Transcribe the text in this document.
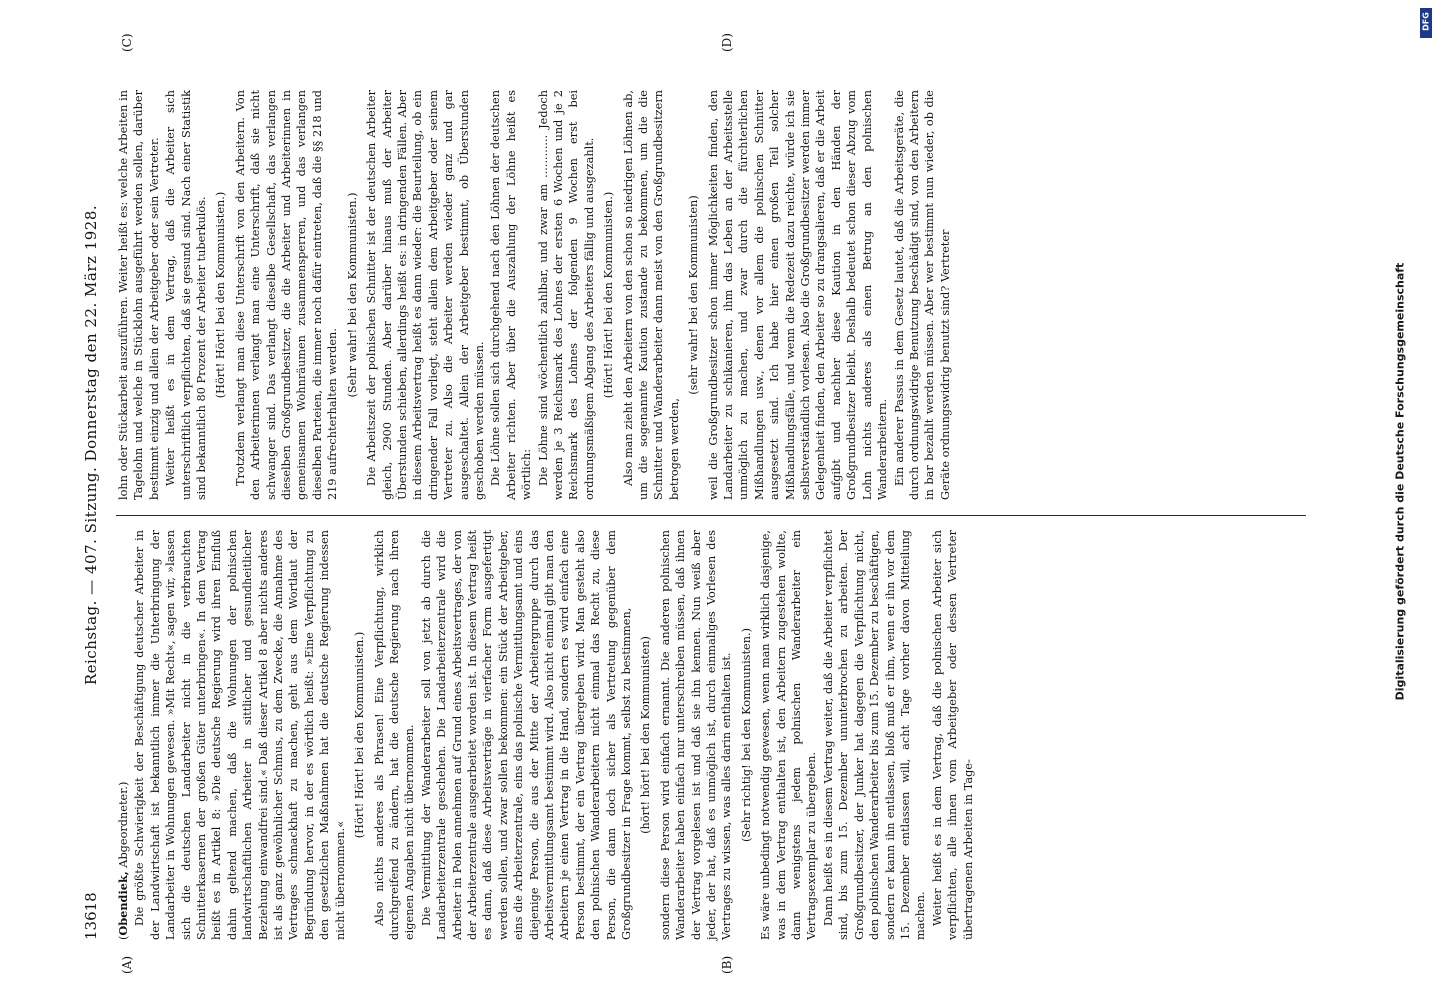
13618
Reichstag. — 407. Sitzung. Donnerstag den 22. März 1928.
(A)	(B)
(C)	(D)

(Obendiek, Abgeordneter.) Die größte Schwierigkeit der Beschäftigung deutscher Arbeiter in der Landwirtschaft ist bekanntlich immer die Unterbringung der Landarbeiter in Wohnungen gewesen. »Mit Recht«, sagen wir, »lassen sich die deutschen Landarbeiter nicht in die verbrauchten Schnitterkasernen der großen Güter unterbringen«. In dem Vertrag heißt es in Artikel 8: »Die deutsche Regierung wird ihren Einfluß dahin geltend machen, daß die Wohnungen der polnischen landwirtschaftlichen Arbeiter in sittlicher und gesundheitlicher Beziehung einwandfrei sind.« Daß dieser Artikel 8 aber nichts anderes ist als ganz gewöhnlicher Schmus, zu dem Zwecke, die Annahme des Vertrages schmackhaft zu machen, geht aus dem Wortlaut der Begründung hervor, in der es wörtlich heißt: »Eine Verpflichtung zu den gesetzlichen Maßnahmen hat die deutsche Regierung indessen nicht übernommen.«

(Hört! Hört! bei den Kommunisten.) Also nichts anderes als Phrasen! Eine Verpflichtung, wirklich durchgreifend zu ändern, hat die deutsche Regierung nach ihren eigenen Angaben nicht übernommen. Die Vermittlung der Wanderarbeiter soll von jetzt ab durch die Landarbeiterzentrale geschehen. Die Landarbeiterzentrale wird die Arbeiter in Polen annehmen auf Grund eines Arbeitsvertrages, der von der Arbeiterzentrale ausgearbeitet worden ist. In diesem Vertrag heißt es dann, daß diese Arbeitsverträge in vierfacher Form ausgefertigt werden sollen, und zwar sollen bekommen: ein Stück der Arbeitgeber, eins die Arbeiterzentrale, eins das polnische Vermittlungsamt und eins diejenige Person, die aus der Mitte der Arbeitergruppe durch das Arbeitsvermittlungsamt bestimmt wird. Also nicht einmal gibt man den Arbeitern je einen Vertrag in die Hand, sondern es wird einfach eine Person bestimmt, der ein Vertrag übergeben wird. Man gesteht also den polnischen Wanderarbeitern nicht einmal das Recht zu, diese Person, die dann doch sicher als Vertretung gegenüber dem Großgrundbesitzer in Frage kommt, selbst zu bestimmen, (hört! hört! bei den Kommunisten) sondern diese Person wird einfach ernannt. Die anderen polnischen Wanderarbeiter haben einfach nur unterschreiben müssen, daß ihnen der Vertrag vorgelesen ist und daß sie ihn kennen. Nun weiß aber jeder, der hat, daß es unmöglich ist, durch einmaliges Vorlesen des Vertrages zu wissen, was alles darin enthalten ist. (Sehr richtig! bei den Kommunisten.) Es wäre unbedingt notwendig gewesen, wenn man wirklich dasjenige, was in dem Vertrag enthalten ist, den Arbeitern zugestehen wollte, dann wenigstens jedem polnischen Wanderarbeiter ein Vertragsexemplar zu übergeben. Dann heißt es in diesem Vertrag weiter, daß die Arbeiter verpflichtet sind, bis zum 15. Dezember ununterbrochen zu arbeiten. Der Großgrundbesitzer, der Junker hat dagegen die Verpflichtung nicht, den polnischen Wanderarbeiter bis zum 15. Dezember zu beschäftigen, sondern er kann ihn entlassen, bloß muß er ihm, wenn er ihn vor dem 15. Dezember entlassen will, acht Tage vorher davon Mitteilung machen. Weiter heißt es in dem Vertrag, daß die polnischen Arbeiter sich verpflichten, alle ihnen vom Arbeitgeber oder dessen Vertreter übertragenen Arbeiten in Tage-

lohn oder Stückarbeit auszuführen. Weiter heißt es: welche Arbeiten in Tagelohn und welche in Stücklohn ausgeführt werden sollen, darüber bestimmt einzig und allein der Arbeitgeber oder sein Vertreter. Weiter heißt es in dem Vertrag, daß die Arbeiter sich unterschriftlich verpflichten, daß sie gesund sind. Nach einer Statistik sind bekanntlich 80 Prozent der Arbeiter tuberkulös. (Hört! Hört! bei den Kommunisten.) Trotzdem verlangt man diese Unterschrift von den Arbeitern. Von den Arbeiterinnen verlangt man eine Unterschrift, daß sie nicht schwanger sind. Das verlangt dieselbe Gesellschaft, das verlangen dieselben Großgrundbesitzer, die die Arbeiter und Arbeiterinnen in gemeinsamen Wohnräumen zusammensperren, und das verlangen dieselben Parteien, die immer noch dafür eintreten, daß die §§ 218 und 219 aufrechterhalten werden.

(Sehr wahr! bei den Kommunisten.) Die Arbeitszeit der polnischen Schnitter ist der deutschen Arbeiter gleich, 2900 Stunden. Aber darüber hinaus muß der Arbeiter Überstunden schieben, allerdings heißt es: in dringenden Fällen. Aber in diesem Arbeitsvertrag heißt es dann wieder: die Beurteilung, ob ein dringender Fall vorliegt, steht allein dem Arbeitgeber oder seinem Vertreter zu. Also die Arbeiter werden wieder ganz und gar ausgeschaltet. Allein der Arbeitgeber bestimmt, ob Überstunden geschoben werden müssen. Die Löhne sollen sich durchgehend nach den Löhnen der deutschen Arbeiter richten. Aber über die Auszahlung der Löhne heißt es wörtlich: Die Löhne sind wöchentlich zahlbar, und zwar am ............ Jedoch werden je 3 Reichsmark des Lohnes der ersten 6 Wochen und je 2 Reichsmark des Lohnes der folgenden 9 Wochen erst bei ordnungsmäßigem Abgang des Arbeiters fällig und ausgezahlt. (Hört! Hört! bei den Kommunisten.) Also man zieht den Arbeitern von den schon so niedrigen Löhnen ab, um die sogenannte Kaution zustande zu bekommen, um die die Schnitter und Wanderarbeiter dann meist von den Großgrundbesitzern betrogen werden,

(sehr wahr! bei den Kommunisten) weil die Großgrundbesitzer schon immer Möglichkeiten finden, den Landarbeiter zu schikanieren, ihm das Leben an der Arbeitsstelle unmöglich zu machen, und zwar durch die fürchterlichen Mißhandlungen usw., denen vor allem die polnischen Schnitter ausgesetzt sind. Ich habe hier einen großen Teil solcher Mißhandlungsfälle, und wenn die Redezeit dazu reichte, würde ich sie selbstverständlich vorlesen. Also die Großgrundbesitzer werden immer Gelegenheit finden, den Arbeiter so zu drangsalieren, daß er die Arbeit aufgibt und nachher diese Kaution in den Händen der Großgrundbesitzer bleibt. Deshalb bedeutet schon dieser Abzug vom Lohn nichts anderes als einen Betrug an den polnischen Wanderarbeitern. Ein anderer Passus in dem Gesetz lautet, daß die Arbeitsgeräte, die durch ordnungswidrige Benutzung beschädigt sind, von den Arbeitern in bar bezahlt werden müssen. Aber wer bestimmt nun wieder, ob die Geräte ordnungswidrig benutzt sind? Vertreter	Digitalisierung gefördert durch die Deutsche Forschungsgemeinschaft
DFG
